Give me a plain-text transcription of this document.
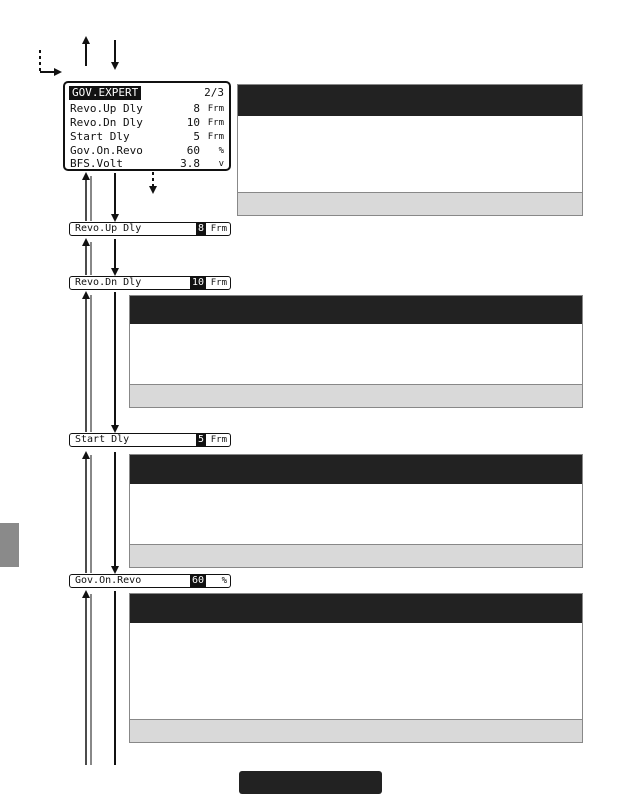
GOV.EXPERT	2/3
Revo.Up Dly	8 Frm
Revo.Dn Dly	10 Frm
Start Dly	5 Frm
Gov.On.Revo	60 %
BFS.Volt	3.8 v
Revo.Up Dly	8 Frm
Revo.Dn Dly	10 Frm
Start Dly	5 Frm
Gov.On.Revo	60 %
